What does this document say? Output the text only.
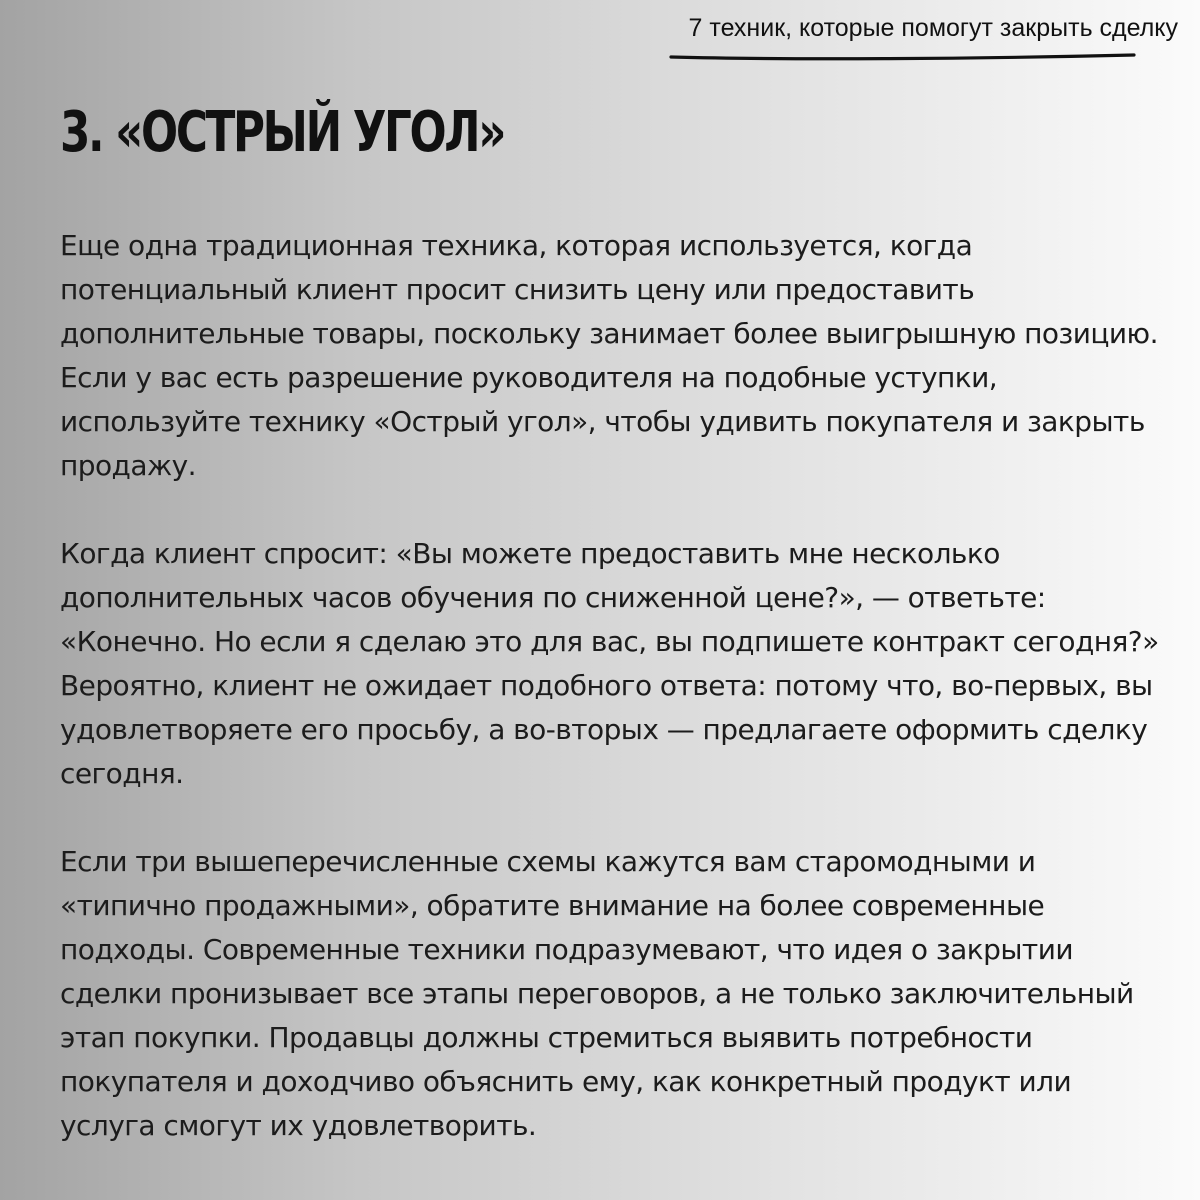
7 техник, которые помогут закрыть сделку
3. «ОСТРЫЙ УГОЛ»

Еще одна традиционная техника, которая используется, когда потенциальный клиент просит снизить цену или предоставить дополнительные товары, поскольку занимает более выигрышную позицию. Если у вас есть разрешение руководителя на подобные уступки, используйте технику «Острый угол», чтобы удивить покупателя и закрыть продажу.

Когда клиент спросит: «Вы можете предоставить мне несколько дополнительных часов обучения по сниженной цене?», — ответьте: «Конечно. Но если я сделаю это для вас, вы подпишете контракт сегодня?» Вероятно, клиент не ожидает подобного ответа: потому что, во-первых, вы удовлетворяете его просьбу, а во-вторых — предлагаете оформить сделку сегодня.

Если три вышеперечисленные схемы кажутся вам старомодными и «типично продажными», обратите внимание на более современные подходы. Современные техники подразумевают, что идея о закрытии сделки пронизывает все этапы переговоров, а не только заключительный этап покупки. Продавцы должны стремиться выявить потребности покупателя и доходчиво объяснить ему, как конкретный продукт или услуга смогут их удовлетворить.
